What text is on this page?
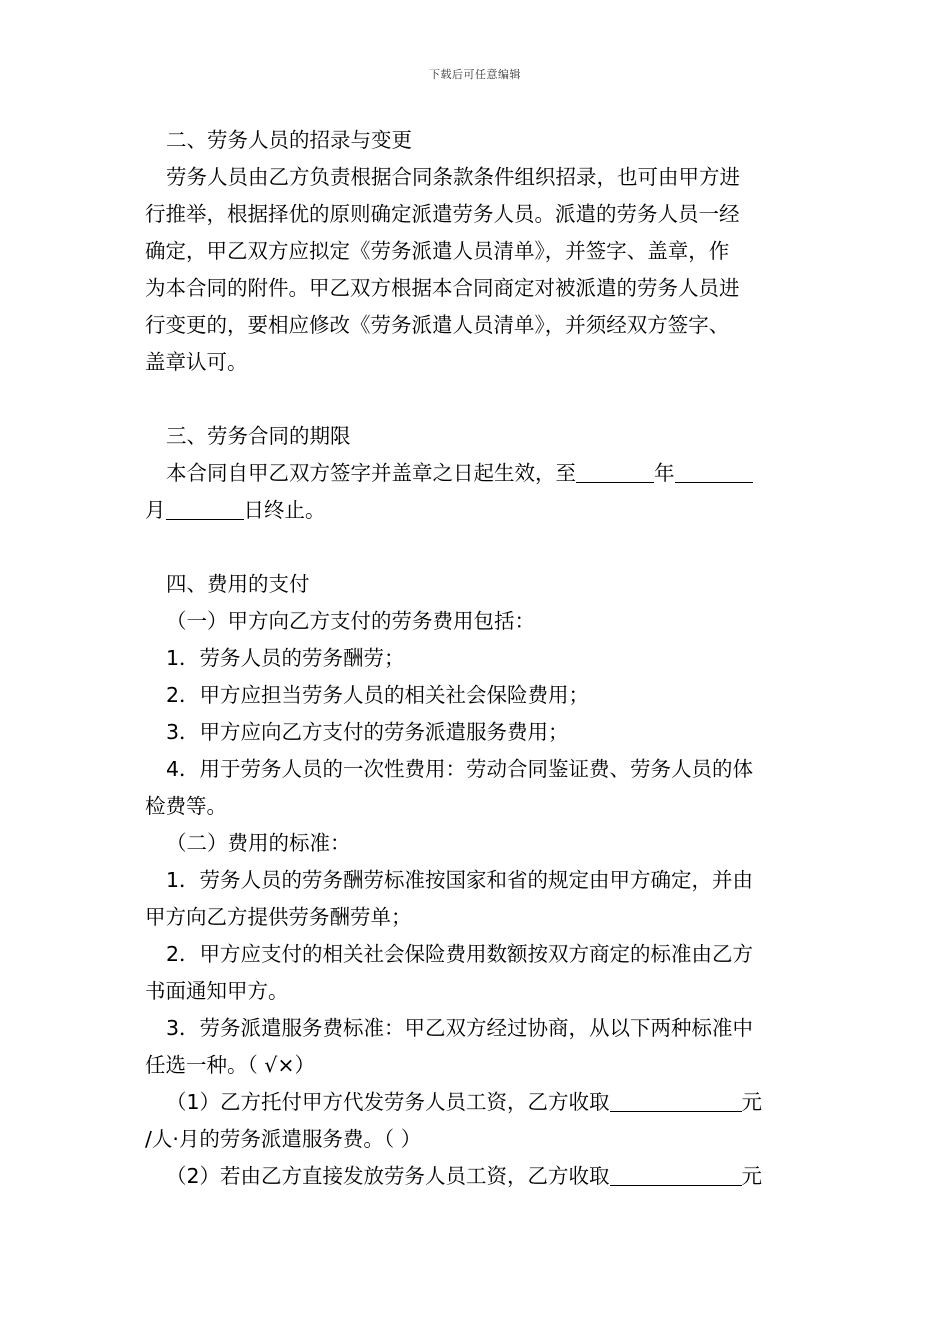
下载后可任意编辑
二、劳务人员的招录与变更
劳务人员由乙方负责根据合同条款条件组织招录，也可由甲方进
行推举，根据择优的原则确定派遣劳务人员。派遣的劳务人员一经
确定，甲乙双方应拟定《劳务派遣人员清单》，并签字、盖章，作
为本合同的附件。甲乙双方根据本合同商定对被派遣的劳务人员进
行变更的，要相应修改《劳务派遣人员清单》，并须经双方签字、
盖章认可。
三、劳务合同的期限
本合同自甲乙双方签字并盖章之日起生效，至	年
月	日终止。
四、费用的支付
（一）甲方向乙方支付的劳务费用包括：
1．劳务人员的劳务酬劳；
2．甲方应担当劳务人员的相关社会保险费用；
3．甲方应向乙方支付的劳务派遣服务费用；
4．用于劳务人员的一次性费用：劳动合同鉴证费、劳务人员的体
检费等。
（二）费用的标准：
1．劳务人员的劳务酬劳标准按国家和省的规定由甲方确定，并由
甲方向乙方提供劳务酬劳单；
2．甲方应支付的相关社会保险费用数额按双方商定的标准由乙方
书面通知甲方。
3．劳务派遣服务费标准：甲乙双方经过协商，从以下两种标准中
任选一种。（ √×）
（1）乙方托付甲方代发劳务人员工资，乙方收取	元
/人·月的劳务派遣服务费。（ ）
（2）若由乙方直接发放劳务人员工资，乙方收取	元
